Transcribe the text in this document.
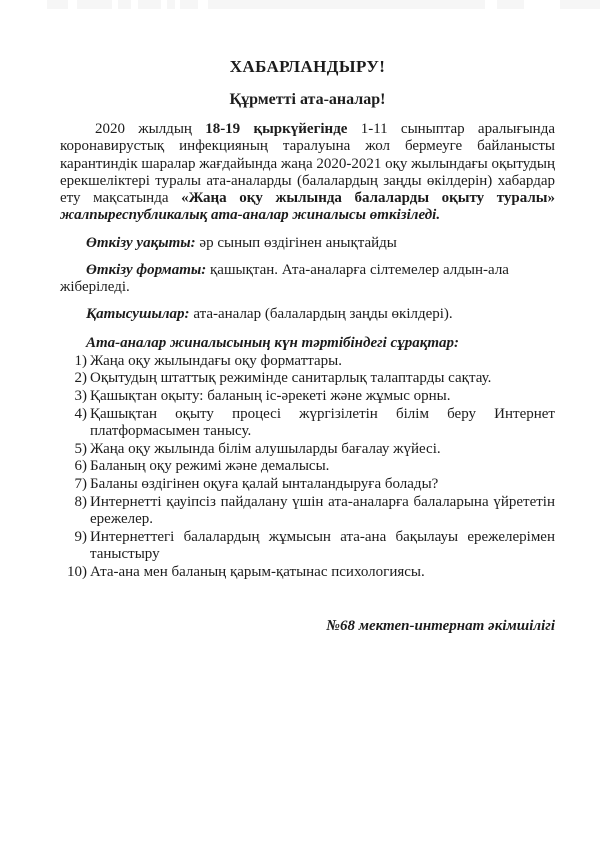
ХАБАРЛАНДЫРУ!
Құрметті ата-аналар!

2020 жылдың 18-19 қыркүйегінде 1-11 сыныптар аралығында коронавирустық инфекцияның таралуына жол бермеуге байланысты карантиндік шаралар жағдайында жаңа 2020-2021 оқу жылындағы оқытудың ерекшеліктері туралы ата-аналарды (балалардың заңды өкілдерін) хабардар ету мақсатында «Жаңа оқу жылында балаларды оқыту туралы» жалпыреспубликалық ата-аналар жиналысы өткізіледі.

Өткізу уақыты: әр сынып өздігінен анықтайды

Өткізу форматы: қашықтан. Ата-аналарға сілтемелер алдын-ала жіберіледі.

Қатысушылар: ата-аналар (балалардың заңды өкілдері).

Ата-аналар жиналысының күн тәртібіндегі сұрақтар:

1) Жаңа оқу жылындағы оқу форматтары.
2) Оқытудың штаттық режимінде санитарлық талаптарды сақтау.
3) Қашықтан оқыту: баланың іс-әрекеті және жұмыс орны.
4) Қашықтан оқыту процесі жүргізілетін білім беру Интернет платформасымен танысу.
5) Жаңа оқу жылында білім алушыларды бағалау жүйесі.
6) Баланың оқу режимі және демалысы.
7) Баланы өздігінен оқуға қалай ынталандыруға болады?
8) Интернетті қауіпсіз пайдалану үшін ата-аналарға балаларына үйрететін ережелер.
9) Интернеттегі балалардың жұмысын ата-ана бақылауы ережелерімен таныстыру
10) Ата-ана мен баланың қарым-қатынас психологиясы.

№68 мектеп-интернат әкімшілігі
